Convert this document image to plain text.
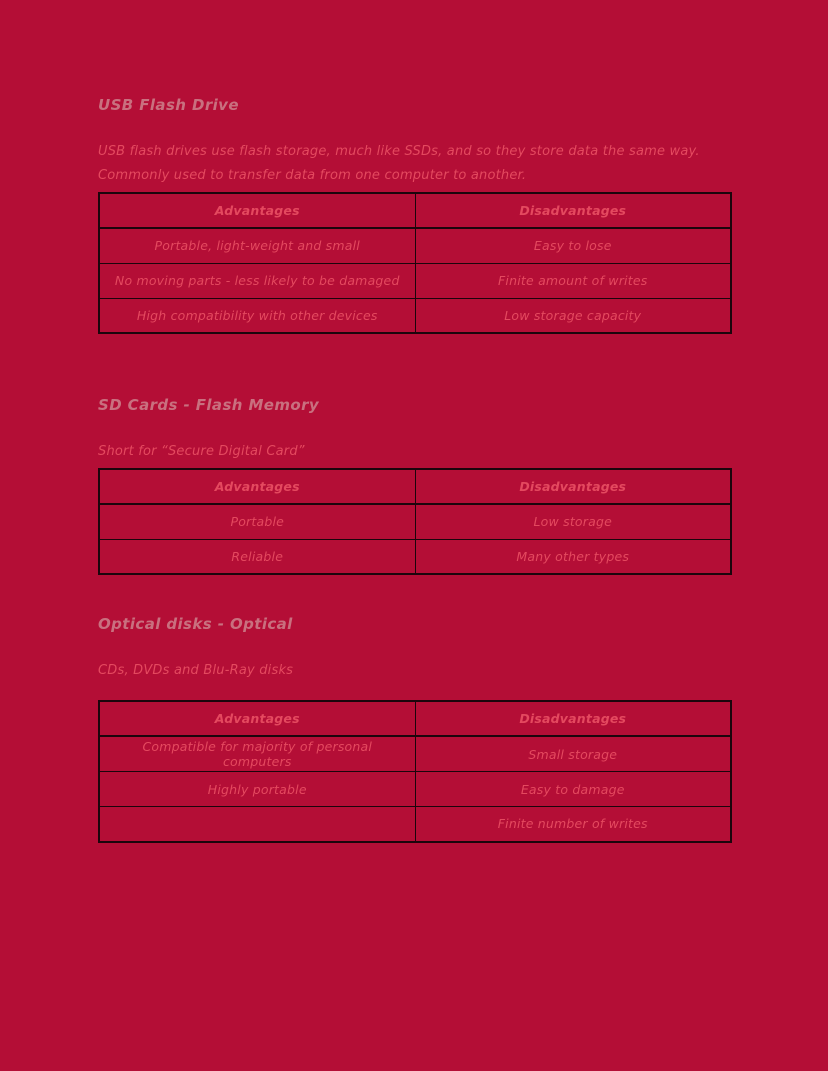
USB Flash Drive

USB flash drives use flash storage, much like SSDs, and so they store data the same way.

Commonly used to transfer data from one computer to another.

Advantages	Disadvantages
Portable, light-weight and small	Easy to lose
No moving parts - less likely to be damaged	Finite amount of writes
High compatibility with other devices	Low storage capacity
SD Cards - Flash Memory

Short for “Secure Digital Card”

Advantages	Disadvantages
Portable	Low storage
Reliable	Many other types
Optical disks - Optical

CDs, DVDs and Blu-Ray disks

Advantages	Disadvantages
Compatible for majority of personal computers	Small storage
Highly portable	Easy to damage
	Finite number of writes
